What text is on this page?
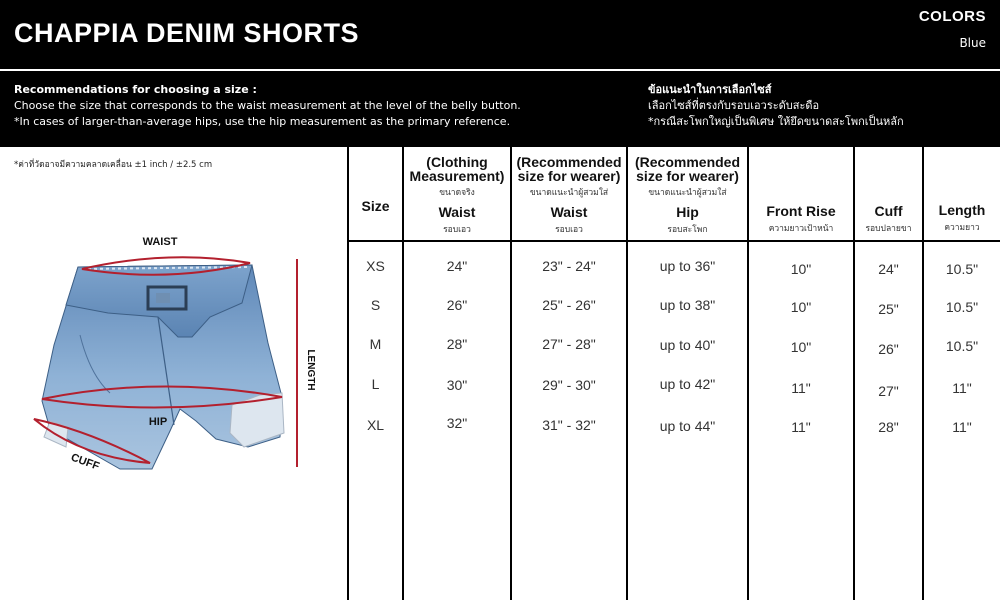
CHAPPIA DENIM SHORTS
COLORS
Blue
Recommendations for choosing a size :
Choose the size that corresponds to the waist measurement at the level of the belly button.
*In cases of larger-than-average hips, use the hip measurement as the primary reference.
ข้อแนะนำในการเลือกไซส์
เลือกไซส์ที่ตรงกับรอบเอวระดับสะดือ
*กรณีสะโพกใหญ่เป็นพิเศษ ให้ยึดขนาดสะโพกเป็นหลัก
*ค่าที่วัดอาจมีความคลาดเคลื่อน ±1 inch / ±2.5 cm
WAIST
LENGTH
CUFF
HIP
Size
(Clothing Measurement)
ขนาดจริง
Waist
รอบเอว
(Recommended size for wearer)
ขนาดแนะนำผู้สวมใส่
Waist
รอบเอว
(Recommended size for wearer)
ขนาดแนะนำผู้สวมใส่
Hip
รอบสะโพก
Front Rise
ความยาวเป้าหน้า
Cuff
รอบปลายขา
Length
ความยาว
XS	24"	23" - 24"	up to 36"	10"	24"	10.5"
S	26"	25" - 26"	up to 38"	10"	25"	10.5"
M	28"	27" - 28"	up to 40"	10"	26"	10.5"
L	30"	29" - 30"	up to 42"	11"	27"	11"
XL	32"	31" - 32"	up to 44"	11"	28"	11"
